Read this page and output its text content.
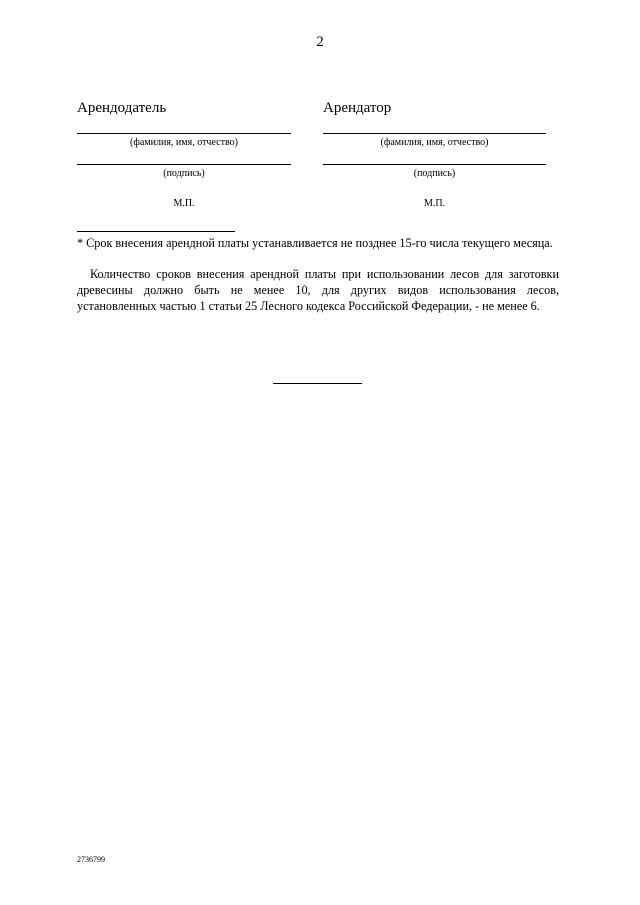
2
Арендодатель
(фамилия, имя, отчество)
(подпись)
М.П.
Арендатор
(фамилия, имя, отчество)
(подпись)
М.П.
* Срок внесения арендной платы устанавливается не позднее 15-го числа текущего месяца.
Количество сроков внесения арендной платы при использовании лесов для заготовки древесины должно быть не менее 10, для других видов использования лесов, установленных частью 1 статьи 25 Лесного кодекса Российской Федерации, - не менее 6.
2736799
